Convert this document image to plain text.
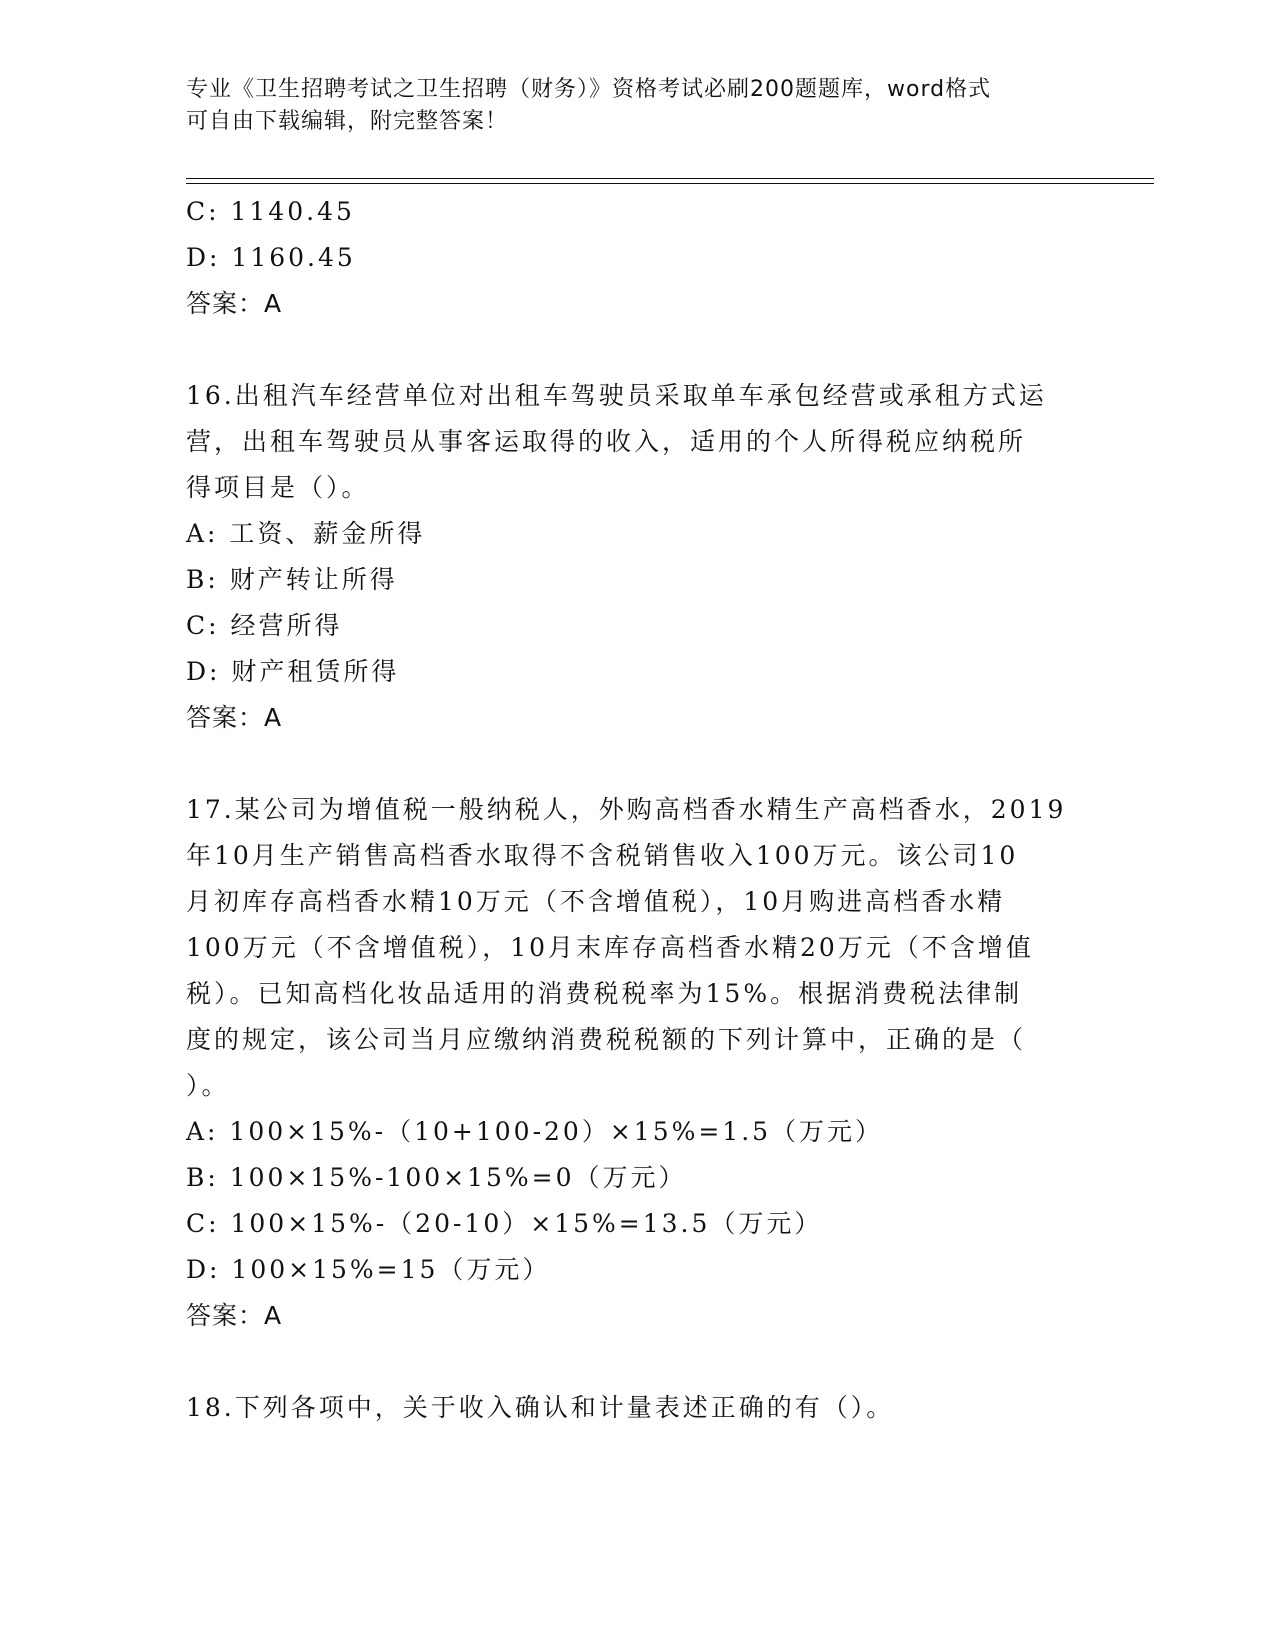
专业《卫生招聘考试之卫生招聘（财务）》资格考试必刷200题题库，word格式
可自由下载编辑，附完整答案！
C: 1140.45
D: 1160.45
答案：A
16.出租汽车经营单位对出租车驾驶员采取单车承包经营或承租方式运
营，出租车驾驶员从事客运取得的收入，适用的个人所得税应纳税所
得项目是（）。
A: 工资、薪金所得
B: 财产转让所得
C: 经营所得
D: 财产租赁所得
答案：A
17.某公司为增值税一般纳税人，外购高档香水精生产高档香水，2019
年10月生产销售高档香水取得不含税销售收入100万元。该公司10
月初库存高档香水精10万元（不含增值税），10月购进高档香水精
100万元（不含增值税），10月末库存高档香水精20万元（不含增值
税）。已知高档化妆品适用的消费税税率为15%。根据消费税法律制
度的规定，该公司当月应缴纳消费税税额的下列计算中，正确的是（
）。
A: 100×15%-（10+100-20）×15%=1.5（万元）
B: 100×15%-100×15%=0（万元）
C: 100×15%-（20-10）×15%=13.5（万元）
D: 100×15%=15（万元）
答案：A
18.下列各项中，关于收入确认和计量表述正确的有（）。
